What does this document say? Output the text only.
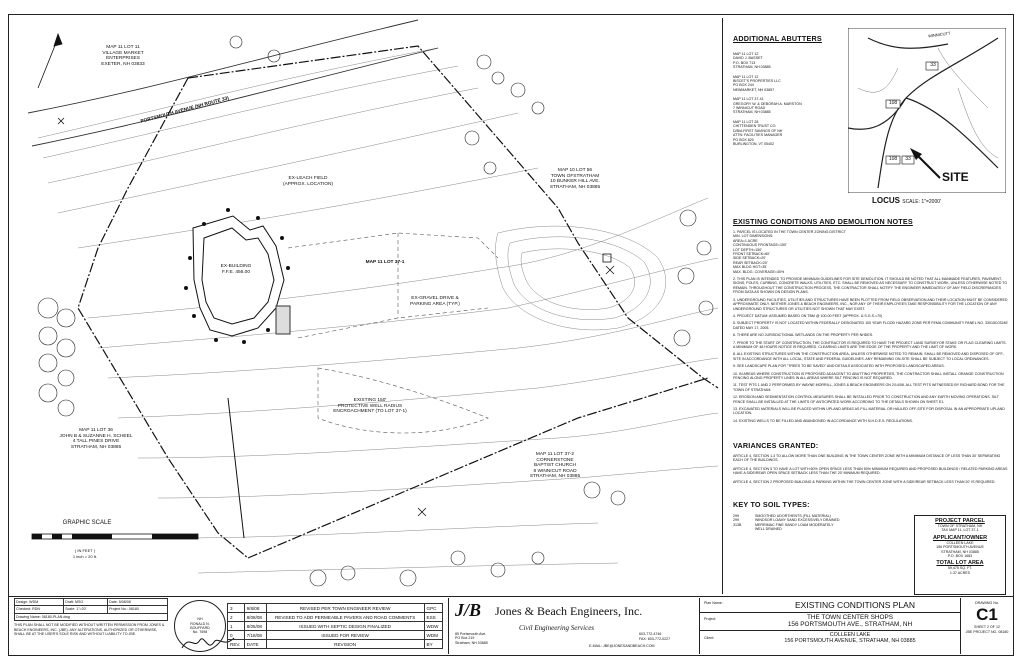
MAP 11 LOT 11
VILLAGE MARKET
ENTERPRISES
EXETER, NH 03833
MAP 10 LOT 56
TOWN OFSTRATHAM
10 BUNKER HILL AVE.
STRATHAM, NH 03885
MAP 11 LOT 37-1
EX-BUILDING
F.F.E. 456.00
MAP 11 LOT 36
JOHN B & SUZANNE H. SCHEEL
4 TALL PINES DRIVE
STRATHAM, NH 03885
MAP 11 LOT 37-2
CORNERSTONE
BAPTIST CHURCH
8 WINNICUT ROAD
STRATHAM, NH 03885
PORTSMOUTH AVENUE (NH ROUTE 33)
EX-GRAVEL DRIVE &
PARKING AREA (TYP.)
EX-LEACH FIELD
(APPROX. LOCATION)
EXISTING 150'
PROTECTIVE WELL RADIUS
ENCROACHMENT (TO LOT 37-1)
GRAPHIC SCALE
( IN FEET )
1 inch = 20 ft.
ADDITIONAL ABUTTERS
MAP 11 LOT 12
DAVID J. BASSET
P.O. BOX 713
STRATHAM, NH 03885
MAP 11 LOT 12
BISCET'S PROPERTIES LLC
PO BOX 244
NEWMARKET, NH 03857
MAP 11 LOT 37-41
GREGORY W. & DEBORAH A. MARSTON
7 WINNICUT ROAD
STRATHAM, NH 03885
MAP 11 LOT 28
CHITTENDEN TRUST CO.
D/B/A FIRST SAVINGS OF NH
ATTN: FACILITIES MANAGER
PO BOX 820
BURLINGTON, VT 05402
WINNICUTT
33
108
108	33
SITE
LOCUS SCALE: 1"=2000'
EXISTING CONDITIONS AND DEMOLITION NOTES
1. PARCEL IS LOCATED IN THE TOWN CENTER ZONING DISTRICT
MIN. LOT DIMENSIONS:
AREA=1 ACRE
CONTINUOUS FRONTAGE=150'
LOT DEPTH=150'
FRONT SETBACK=60'
SIDE SETBACK=20'
REAR SETBACK=20'
MAX BLDG HGT=35'
MAX. BLDG. COVERAGE=30%
2. THIS PLAN IS INTENDED TO PROVIDE MINIMUM GUIDELINES FOR SITE DEMOLITION. IT SHOULD BE NOTED THAT ALL MANMADE FEATURES, PAVEMENT, SIGNS, POLES, CURBING, CONCRETE WALKS, UTILITIES, ETC. SHALL BE REMOVED AS NECESSARY TO CONSTRUCT WORK, UNLESS OTHERWISE NOTED TO REMAIN. THROUGHOUT THE CONSTRUCTION PROCESS, THE CONTRACTOR SHALL NOTIFY THE ENGINEER IMMEDIATELY OF ANY FIELD DISCREPANCIES FROM DATA AS SHOWN ON DESIGN PLANS.
3. UNDERGROUND FACILITIES, UTILITIES AND STRUCTURES HAVE BEEN PLOTTED FROM FIELD OBSERVATION AND THEIR LOCATION MUST BE CONSIDERED APPROXIMATE ONLY. NEITHER JONES & BEACH ENGINEERS, INC., NOR ANY OF THEIR EMPLOYEES TAKE RESPONSIBILITY FOR THE LOCATION OF ANY UNDERGROUND STRUCTURES OR UTILITIES NOT SHOWN THAT MAY EXIST.
4. PROJECT DATUM: ASSUMED BASED ON TBM @ 100.00 FEET (APPROX. U.S.G.S.=70)
5. SUBJECT PROPERTY IS NOT LOCATED WITHIN FEDERALLY DESIGNATED 100 YEAR FLOOD HAZARD ZONE PER FEMA COMMUNITY PANEL NO. 33015C0324E DATED MAY 17, 2005.
6. THERE ARE NO JURISDICTIONAL WETLANDS ON THE PROPERTY PER NHDES.
7. PRIOR TO THE START OF CONSTRUCTION, THE CONTRACTOR IS REQUIRED TO HAVE THE PROJECT LAND SURVEYOR STAKE OR FLAG CLEARING LIMITS. A MINIMUM OF 48 HOURS NOTICE IS REQUIRED. CLEARING LIMITS ARE THE EDGE OF THE PROPERTY AND THE LIMIT OF WORK.
8. ALL EXISTING STRUCTURES WITHIN THE CONSTRUCTION AREA, UNLESS OTHERWISE NOTED TO REMAIN, SHALL BE REMOVED AND DISPOSED OF OFF-SITE IN ACCORDANCE WITH ALL LOCAL, STATE AND FEDERAL GUIDELINES. ANY REMAINING ON-SITE SHALL BE SUBJECT TO LOCAL ORDINANCES.
9. SEE LANDSCAPE PLAN FOR "TREES TO BE SAVED" AND DETAILS ASSOCIATED WITH PROPOSED LANDSCAPED AREAS.
10. IN AREAS WHERE CONSTRUCTION IS PROPOSED ADJACENT TO ABUTTING PROPERTIES, THE CONTRACTOR SHALL INSTALL ORANGE CONSTRUCTION FENCING ALONG PROPERTY LINES IN ALL AREAS WHERE SILT FENCING IS NOT REQUIRED.
11. TEST PITS 1 AND 2 PERFORMED BY WAYNE MORRILL, JONES & BEACH ENGINEERS ON 2/14/08. ALL TEST PITS WITNESSED BY RICHARD BOND FOR THE TOWN OF STRATHAM.
12. EROSION AND SEDIMENTATION CONTROL MEASURES SHALL BE INSTALLED PRIOR TO CONSTRUCTION AND ANY EARTH MOVING OPERATIONS. SILT FENCE SHALL BE INSTALLED AT THE LIMITS OF ANTICIPATED WORK ACCORDING TO THE DETAILS SHOWN ON SHEET E1.
13. EXCAVATED MATERIALS WILL BE PLACED WITHIN UPLAND AREAS AS FILL MATERIAL OR HAULED OFF-SITE FOR DISPOSAL IN AN APPROPRIATE UPLAND LOCATION.
14. EXISTING WELLS TO BE FILLED AND ABANDONED IN ACCORDANCE WITH N.H.D.E.S. REGULATIONS.
VARIANCES GRANTED:
ARTICLE 4, SECTION 1.3 TO ALLOW MORE THAN ONE BUILDING IN THE TOWN CENTER ZONE WITH A MINIMUM DISTANCE OF LESS THAN 30' SEPARATING EACH OF THE BUILDINGS.
ARTICLE 4, SECTION 5 TO HAVE A LOT WITH 60% OPEN SPACE LESS THAN 50% MINIMUM REQUIRED AND PROPOSED BUILDINGS / RELATED PARKING AREAS HAVE A SIDE/REAR OPEN SPACE SETBACK LESS THAN THE 20' MINIMUM REQUIRED.
ARTICLE 4, SECTION 2 PROPOSED BUILDING & PARKING WITHIN THE TOWN CENTER ZONE WITH A SIDE/REAR SETBACK LESS THAN 20' IS REQUIRED.
KEY TO SOIL TYPES:
299	SMOOTHED UDORTHENTS (FILL MATERIAL)
299	WINDSOR LOAMY SAND EXCESSIVELY DRAINED
313B	MERRIMAC FINE SANDY LOAM MODERATELY
WELL DRAINED
PROJECT PARCEL
TOWN OF STRATHAM, NH
TAX MAP 11, LOT 37-1
APPLICANT/OWNER
COLLEEN LAKE
156 PORTSMOUTH AVENUE
STRATHAM, NH 03885
P.O. BOX 1683
TOTAL LOT AREA
59,475 SQ. FT.
1.37 ACRES
Design: WDM	Draft: MSG	Date: 5/08/08
Checked: RDN	Scale: 1"=20'	Project No.: 08180
Drawing Name: 08180-PLAN.dwg		
THIS PLAN SHALL NOT BE MODIFIED WITHOUT WRITTEN PERMISSION FROM JONES & BEACH ENGINEERS, INC. (JBE). ANY ALTERATIONS, AUTHORIZED OR OTHERWISE, SHALL BE AT THE USER'S SOLE RISK AND WITHOUT LIABILITY TO JBE.
NH
RONALD N.
BOUFFARD
No. 7698
3	9/8/08	REVISED PER TOWN ENGINEER REVIEW	GPC
2	8/08/08	REVISED TO ADD PERMEABLE PAVERS AND ROAD COMMENTS	ESS
1	8/05/08	ISSUED WITH SEPTIC DESIGN FINALIZED	WDW
0	7/18/08	ISSUED FOR REVIEW	WDM
REV.	DATE	REVISION	BY
J/B Jones & Beach Engineers, Inc.
85 Portsmouth Ave.
PO Box 219
Stratham, NH 03885
Civil Engineering Services
603-772-4746
FAX: 603-772-0227
E-MAIL: JBE@JONESANDBEACH.COM
Plan Name:	EXISTING CONDITIONS PLAN
Project:	THE TOWN CENTER SHOPS
156 PORTSMOUTH AVE., STRATHAM, NH
Client:	COLLEEN LAKE
156 PORTSMOUTH AVENUE, STRATHAM, NH 03885
DRAWING No.
C1
SHEET 2 OF 12
JBE PROJECT NO. 08180
